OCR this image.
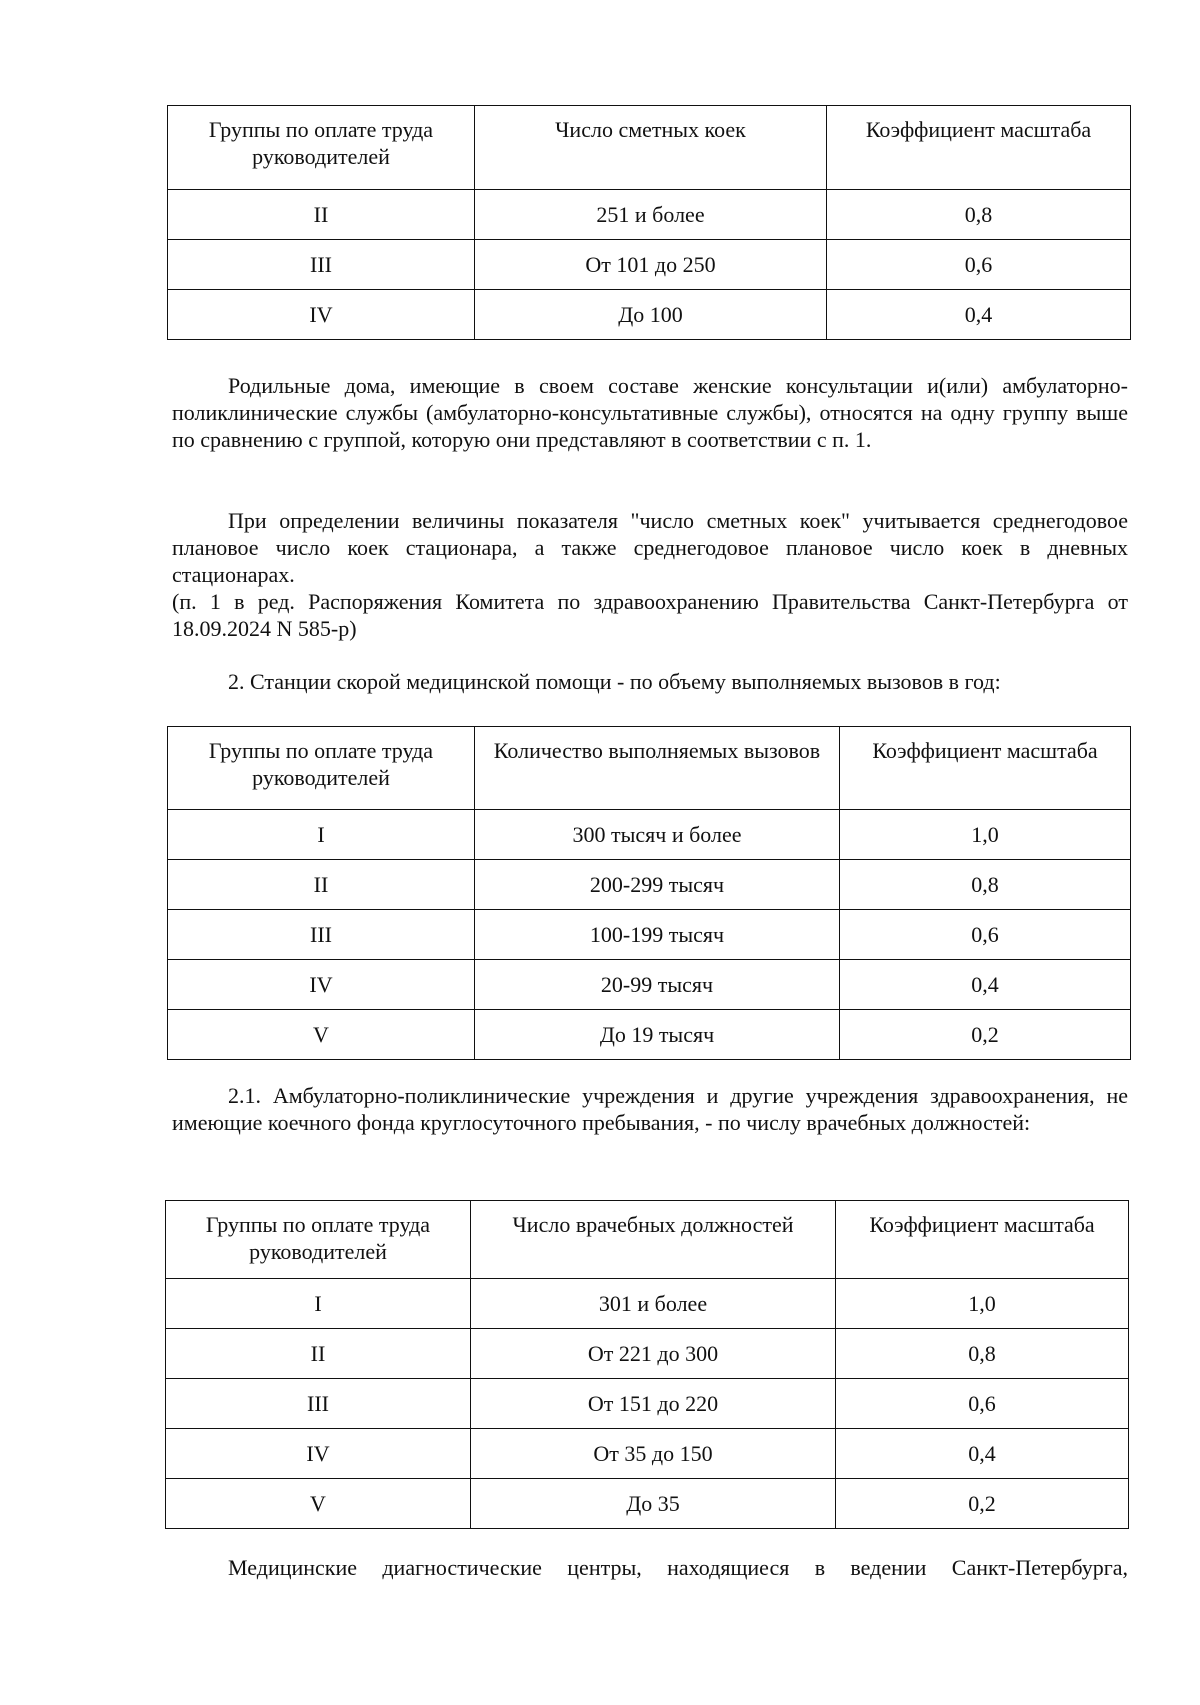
Группы по оплате труда руководителей	Число сметных коек	Коэффициент масштаба
II	251 и более	0,8
III	От 101 до 250	0,6
IV	До 100	0,4

Родильные дома, имеющие в своем составе женские консультации и(или) амбулаторно-поликлинические службы (амбулаторно-консультативные службы), относятся на одну группу выше по сравнению с группой, которую они представляют в соответствии с п. 1.

При определении величины показателя "число сметных коек" учитывается среднегодовое плановое число коек стационара, а также среднегодовое плановое число коек в дневных стационарах.

(п. 1 в ред. Распоряжения Комитета по здравоохранению Правительства Санкт-Петербурга от 18.09.2024 N 585-р)

2. Станции скорой медицинской помощи - по объему выполняемых вызовов в год:

Группы по оплате труда руководителей	Количество выполняемых вызовов	Коэффициент масштаба
I	300 тысяч и более	1,0
II	200-299 тысяч	0,8
III	100-199 тысяч	0,6
IV	20-99 тысяч	0,4
V	До 19 тысяч	0,2

2.1. Амбулаторно-поликлинические учреждения и другие учреждения здравоохранения, не имеющие коечного фонда круглосуточного пребывания, - по числу врачебных должностей:

Группы по оплате труда руководителей	Число врачебных должностей	Коэффициент масштаба
I	301 и более	1,0
II	От 221 до 300	0,8
III	От 151 до 220	0,6
IV	От 35 до 150	0,4
V	До 35	0,2

Медицинские диагностические центры, находящиеся в ведении Санкт-Петербурга,
